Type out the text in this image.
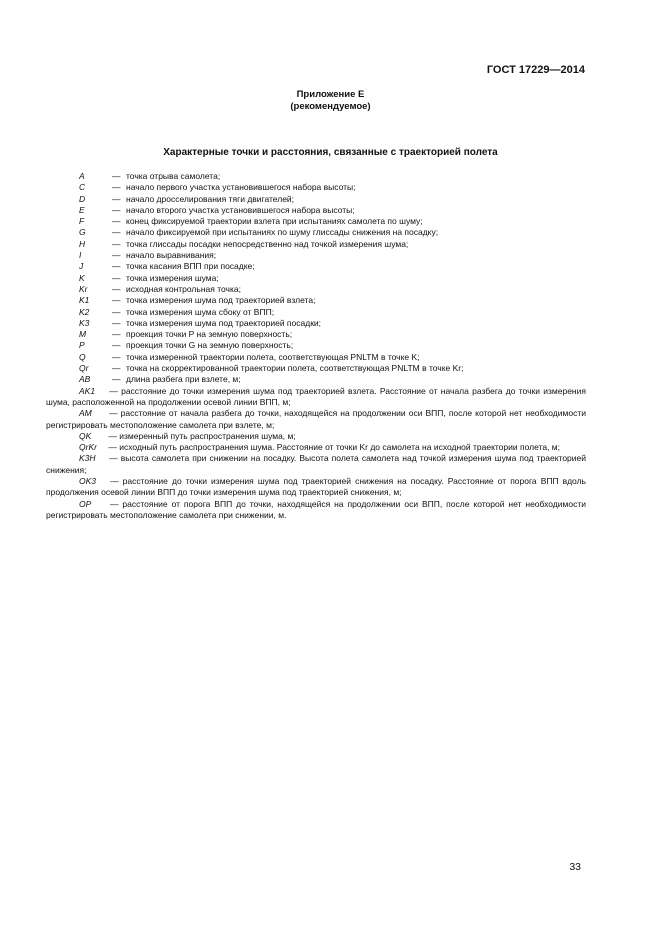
ГОСТ 17229—2014
Приложение Е
(рекомендуемое)
Характерные точки и расстояния, связанные с траекторией полета
A	— точка отрыва самолета;
C	— начало первого участка установившегося набора высоты;
D	— начало дросселирования тяги двигателей;
E	— начало второго участка установившегося набора высоты;
F	— конец фиксируемой траектории взлета при испытаниях самолета по шуму;
G	— начало фиксируемой при испытаниях по шуму глиссады снижения на посадку;
H	— точка глиссады посадки непосредственно над точкой измерения шума;
I	— начало выравнивания;
J	— точка касания ВПП при посадке;
K	— точка измерения шума;
Kr	— исходная контрольная точка;
K1	— точка измерения шума под траекторией взлета;
K2	— точка измерения шума сбоку от ВПП;
K3	— точка измерения шума под траекторией посадки;
M	— проекция точки P на земную поверхность;
P	— проекция точки G на земную поверхность;
Q	— точка измеренной траектории полета, соответствующая PNLTM в точке K;
Qr	— точка на скорректированной траектории полета, соответствующая PNLTM в точке Kr;
AB	— длина разбега при взлете, м;
AK1 — расстояние до точки измерения шума под траекторией взлета. Расстояние от начала разбега до точки измерения шума, расположенной на продолжении осевой линии ВПП, м;
AM — расстояние от начала разбега до точки, находящейся на продолжении оси ВПП, после которой нет необходимости регистрировать местоположение самолета при взлете, м;
QK — измеренный путь распространения шума, м;
QrKr — исходный путь распространения шума. Расстояние от точки Kr до самолета на исходной траектории полета, м;
K3H — высота самолета при снижении на посадку. Высота полета самолета над точкой измерения шума под траекторией снижения;
OK3 — расстояние до точки измерения шума под траекторией снижения на посадку. Расстояние от порога ВПП вдоль продолжения осевой линии ВПП до точки измерения шума под траекторией снижения, м;
OP — расстояние от порога ВПП до точки, находящейся на продолжении оси ВПП, после которой нет необходимости регистрировать местоположение самолета при снижении, м.
33
